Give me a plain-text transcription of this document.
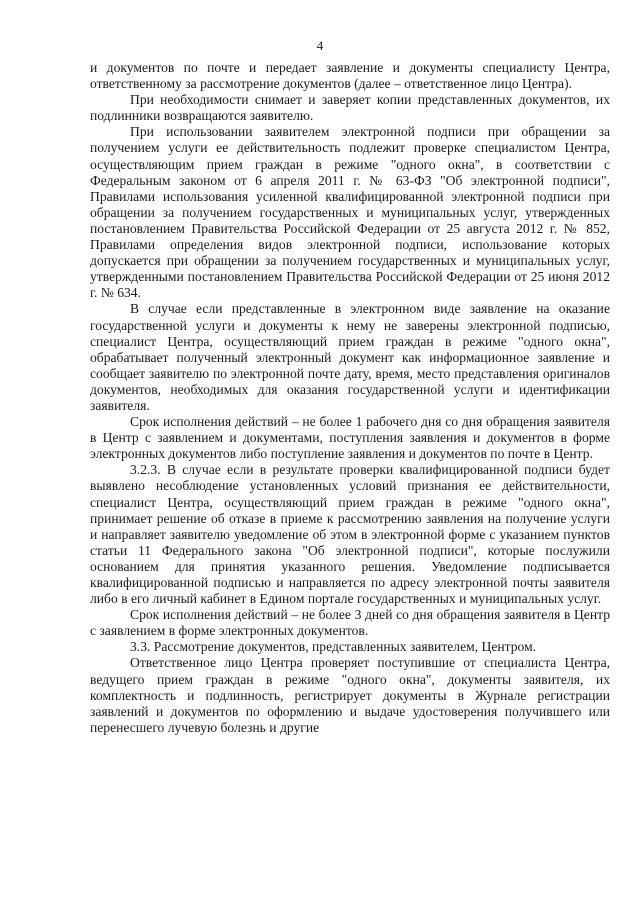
4

и документов по почте и передает заявление и документы специалисту Центра, ответственному за рассмотрение документов (далее – ответственное лицо Центра).

При необходимости снимает и заверяет копии представленных документов, их подлинники возвращаются заявителю.

При использовании заявителем электронной подписи при обращении за получением услуги ее действительность подлежит проверке специалистом Центра, осуществляющим прием граждан в режиме "одного окна", в соответствии с Федеральным законом от 6 апреля 2011 г. № 63-ФЗ "Об электронной подписи", Правилами использования усиленной квалифицированной электронной подписи при обращении за получением государственных и муниципальных услуг, утвержденных постановлением Правительства Российской Федерации от 25 августа 2012 г. № 852, Правилами определения видов электронной подписи, использование которых допускается при обращении за получением государственных и муниципальных услуг, утвержденными постановлением Правительства Российской Федерации от 25 июня 2012 г. № 634.

В случае если представленные в электронном виде заявление на оказание государственной услуги и документы к нему не заверены электронной подписью, специалист Центра, осуществляющий прием граждан в режиме "одного окна", обрабатывает полученный электронный документ как информационное заявление и сообщает заявителю по электронной почте дату, время, место представления оригиналов документов, необходимых для оказания государственной услуги и идентификации заявителя.

Срок исполнения действий – не более 1 рабочего дня со дня обращения заявителя в Центр с заявлением и документами, поступления заявления и документов в форме электронных документов либо поступление заявления и документов по почте в Центр.

3.2.3. В случае если в результате проверки квалифицированной подписи будет выявлено несоблюдение установленных условий признания ее действительности, специалист Центра, осуществляющий прием граждан в режиме "одного окна", принимает решение об отказе в приеме к рассмотрению заявления на получение услуги и направляет заявителю уведомление об этом в электронной форме с указанием пунктов статьи 11 Федерального закона "Об электронной подписи", которые послужили основанием для принятия указанного решения. Уведомление подписывается квалифицированной подписью и направляется по адресу электронной почты заявителя либо в его личный кабинет в Едином портале государственных и муниципальных услуг.

Срок исполнения действий – не более 3 дней со дня обращения заявителя в Центр с заявлением в форме электронных документов.

3.3. Рассмотрение документов, представленных заявителем, Центром.

Ответственное лицо Центра проверяет поступившие от специалиста Центра, ведущего прием граждан в режиме "одного окна", документы заявителя, их комплектность и подлинность, регистрирует документы в Журнале регистрации заявлений и документов по оформлению и выдаче удостоверения получившего или перенесшего лучевую болезнь и другие
